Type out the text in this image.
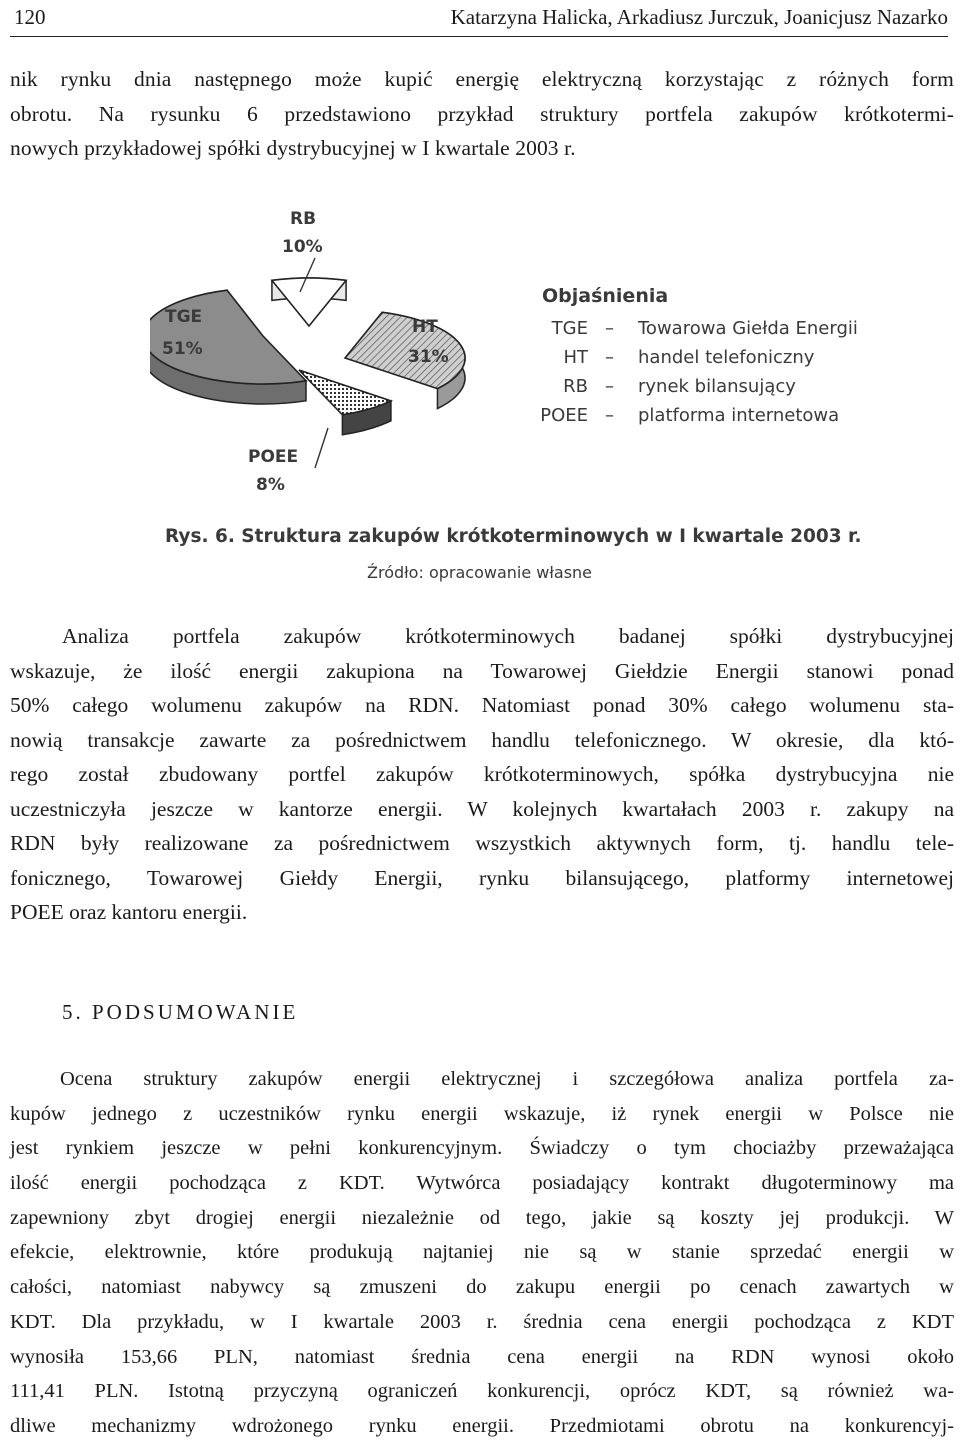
120	Katarzyna Halicka, Arkadiusz Jurczuk, Joanicjusz Nazarko

nik rynku dnia następnego może kupić energię elektryczną korzystając z różnych form
obrotu. Na rysunku 6 przedstawiono przykład struktury portfela zakupów krótkotermi-
nowych przykładowej spółki dystrybucyjnej w I kwartale 2003 r.

RB
10%
HT
31%
TGE
51%
POEE
8%
Objaśnienia
TGE – Towarowa Giełda Energii
HT – handel telefoniczny
RB – rynek bilansujący
POEE – platforma internetowa
Rys. 6. Struktura zakupów krótkoterminowych w I kwartale 2003 r.
Źródło: opracowanie własne

Analiza portfela zakupów krótkoterminowych badanej spółki dystrybucyjnej
wskazuje, że ilość energii zakupiona na Towarowej Giełdzie Energii stanowi ponad
50% całego wolumenu zakupów na RDN. Natomiast ponad 30% całego wolumenu sta-
nowią transakcje zawarte za pośrednictwem handlu telefonicznego. W okresie, dla któ-
rego został zbudowany portfel zakupów krótkoterminowych, spółka dystrybucyjna nie
uczestniczyła jeszcze w kantorze energii. W kolejnych kwartałach 2003 r. zakupy na
RDN były realizowane za pośrednictwem wszystkich aktywnych form, tj. handlu tele-
fonicznego, Towarowej Giełdy Energii, rynku bilansującego, platformy internetowej
POEE oraz kantoru energii.

5. PODSUMOWANIE

Ocena struktury zakupów energii elektrycznej i szczegółowa analiza portfela za-
kupów jednego z uczestników rynku energii wskazuje, iż rynek energii w Polsce nie
jest rynkiem jeszcze w pełni konkurencyjnym. Świadczy o tym chociażby przeważająca
ilość energii pochodząca z KDT. Wytwórca posiadający kontrakt długoterminowy ma
zapewniony zbyt drogiej energii niezależnie od tego, jakie są koszty jej produkcji. W
efekcie, elektrownie, które produkują najtaniej nie są w stanie sprzedać energii w
całości, natomiast nabywcy są zmuszeni do zakupu energii po cenach zawartych w
KDT. Dla przykładu, w I kwartale 2003 r. średnia cena energii pochodząca z KDT
wynosiła 153,66 PLN, natomiast średnia cena energii na RDN wynosi około
111,41 PLN. Istotną przyczyną ograniczeń konkurencji, oprócz KDT, są również wa-
dliwe mechanizmy wdrożonego rynku energii. Przedmiotami obrotu na konkurencyj-
